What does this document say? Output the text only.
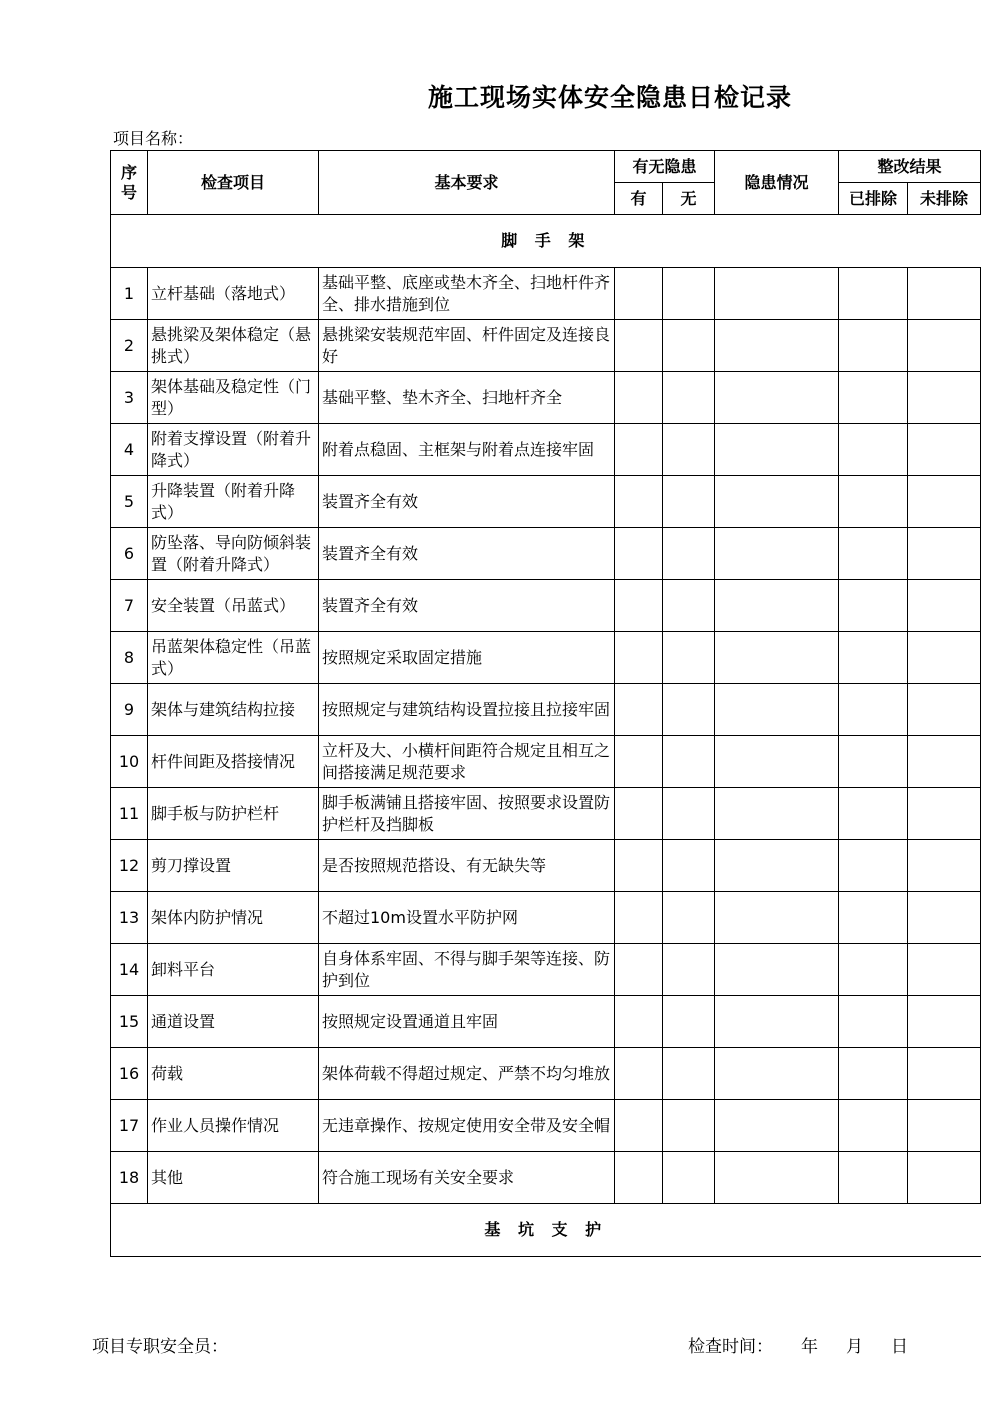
施工现场实体安全隐患日检记录
项目名称：
序号	检查项目	基本要求	有无隐患		隐患情况	整改结果	
			有	无		已排除	未排除
脚 手 架							
1	立杆基础（落地式）	基础平整、底座或垫木齐全、扫地杆件齐全、排水措施到位					
2	悬挑梁及架体稳定（悬挑式）	悬挑梁安装规范牢固、杆件固定及连接良好					
3	架体基础及稳定性（门型）	基础平整、垫木齐全、扫地杆齐全					
4	附着支撑设置（附着升降式）	附着点稳固、主框架与附着点连接牢固					
5	升降装置（附着升降式）	装置齐全有效					
6	防坠落、导向防倾斜装置（附着升降式）	装置齐全有效					
7	安全装置（吊蓝式）	装置齐全有效					
8	吊蓝架体稳定性（吊蓝式）	按照规定采取固定措施					
9	架体与建筑结构拉接	按照规定与建筑结构设置拉接且拉接牢固					
10	杆件间距及搭接情况	立杆及大、小横杆间距符合规定且相互之间搭接满足规范要求					
11	脚手板与防护栏杆	脚手板满铺且搭接牢固、按照要求设置防护栏杆及挡脚板					
12	剪刀撑设置	是否按照规范搭设、有无缺失等					
13	架体内防护情况	不超过10m设置水平防护网					
14	卸料平台	自身体系牢固、不得与脚手架等连接、防护到位					
15	通道设置	按照规定设置通道且牢固					
16	荷载	架体荷载不得超过规定、严禁不均匀堆放					
17	作业人员操作情况	无违章操作、按规定使用安全带及安全帽					
18	其他	符合施工现场有关安全要求					
基 坑 支 护							
项目专职安全员：	检查时间： 年 月 日
